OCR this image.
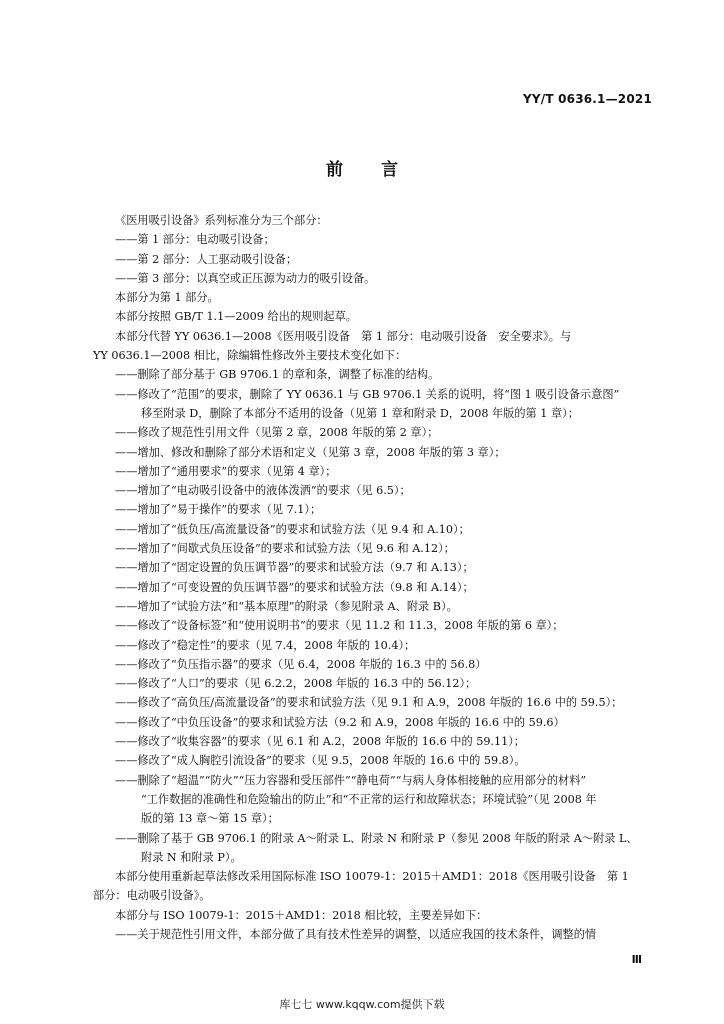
YY/T 0636.1—2021
前言

《医用吸引设备》系列标准分为三个部分：

——第 1 部分：电动吸引设备；

——第 2 部分：人工驱动吸引设备；

——第 3 部分：以真空或正压源为动力的吸引设备。

本部分为第 1 部分。

本部分按照 GB/T 1.1—2009 给出的规则起草。

本部分代替 YY 0636.1—2008《医用吸引设备　第 1 部分：电动吸引设备　安全要求》。与

YY 0636.1—2008 相比，除编辑性修改外主要技术变化如下：

——删除了部分基于 GB 9706.1 的章和条，调整了标准的结构。

——修改了“范围”的要求，删除了 YY 0636.1 与 GB 9706.1 关系的说明，将“图 1 吸引设备示意图”
移至附录 D，删除了本部分不适用的设备（见第 1 章和附录 D，2008 年版的第 1 章）；

——修改了规范性引用文件（见第 2 章，2008 年版的第 2 章）；

——增加、修改和删除了部分术语和定义（见第 3 章，2008 年版的第 3 章）；

——增加了“通用要求”的要求（见第 4 章）；

——增加了“电动吸引设备中的液体泼洒”的要求（见 6.5）；

——增加了“易于操作”的要求（见 7.1）；

——增加了“低负压/高流量设备”的要求和试验方法（见 9.4 和 A.10）；

——增加了“间歇式负压设备”的要求和试验方法（见 9.6 和 A.12）；

——增加了“固定设置的负压调节器”的要求和试验方法（9.7 和 A.13）；

——增加了“可变设置的负压调节器”的要求和试验方法（9.8 和 A.14）；

——增加了“试验方法”和“基本原理”的附录（参见附录 A、附录 B）。

——修改了“设备标签”和“使用说明书”的要求（见 11.2 和 11.3，2008 年版的第 6 章）；

——修改了“稳定性”的要求（见 7.4，2008 年版的 10.4）；

——修改了“负压指示器”的要求（见 6.4，2008 年版的 16.3 中的 56.8）

——修改了“人口”的要求（见 6.2.2，2008 年版的 16.3 中的 56.12）；

——修改了“高负压/高流量设备”的要求和试验方法（见 9.1 和 A.9，2008 年版的 16.6 中的 59.5）；

——修改了“中负压设备”的要求和试验方法（9.2 和 A.9，2008 年版的 16.6 中的 59.6）

——修改了“收集容器”的要求（见 6.1 和 A.2，2008 年版的 16.6 中的 59.11）；

——修改了“成人胸腔引流设备”的要求（见 9.5，2008 年版的 16.6 中的 59.8）。

——删除了“超温”“防火”“压力容器和受压部件”“静电荷”“与病人身体相接触的应用部分的材料”
“工作数据的准确性和危险输出的防止”和“不正常的运行和故障状态；环境试验”（见 2008 年
版的第 13 章～第 15 章）；

——删除了基于 GB 9706.1 的附录 A～附录 L、附录 N 和附录 P（参见 2008 年版的附录 A～附录 L、
附录 N 和附录 P）。

本部分使用重新起草法修改采用国际标准 ISO 10079-1：2015＋AMD1：2018《医用吸引设备　第 1

部分：电动吸引设备》。

本部分与 ISO 10079-1：2015＋AMD1：2018 相比较，主要差异如下：

——关于规范性引用文件，本部分做了具有技术性差异的调整，以适应我国的技术条件，调整的情

Ⅲ
库七七 www.kqqw.com提供下载
